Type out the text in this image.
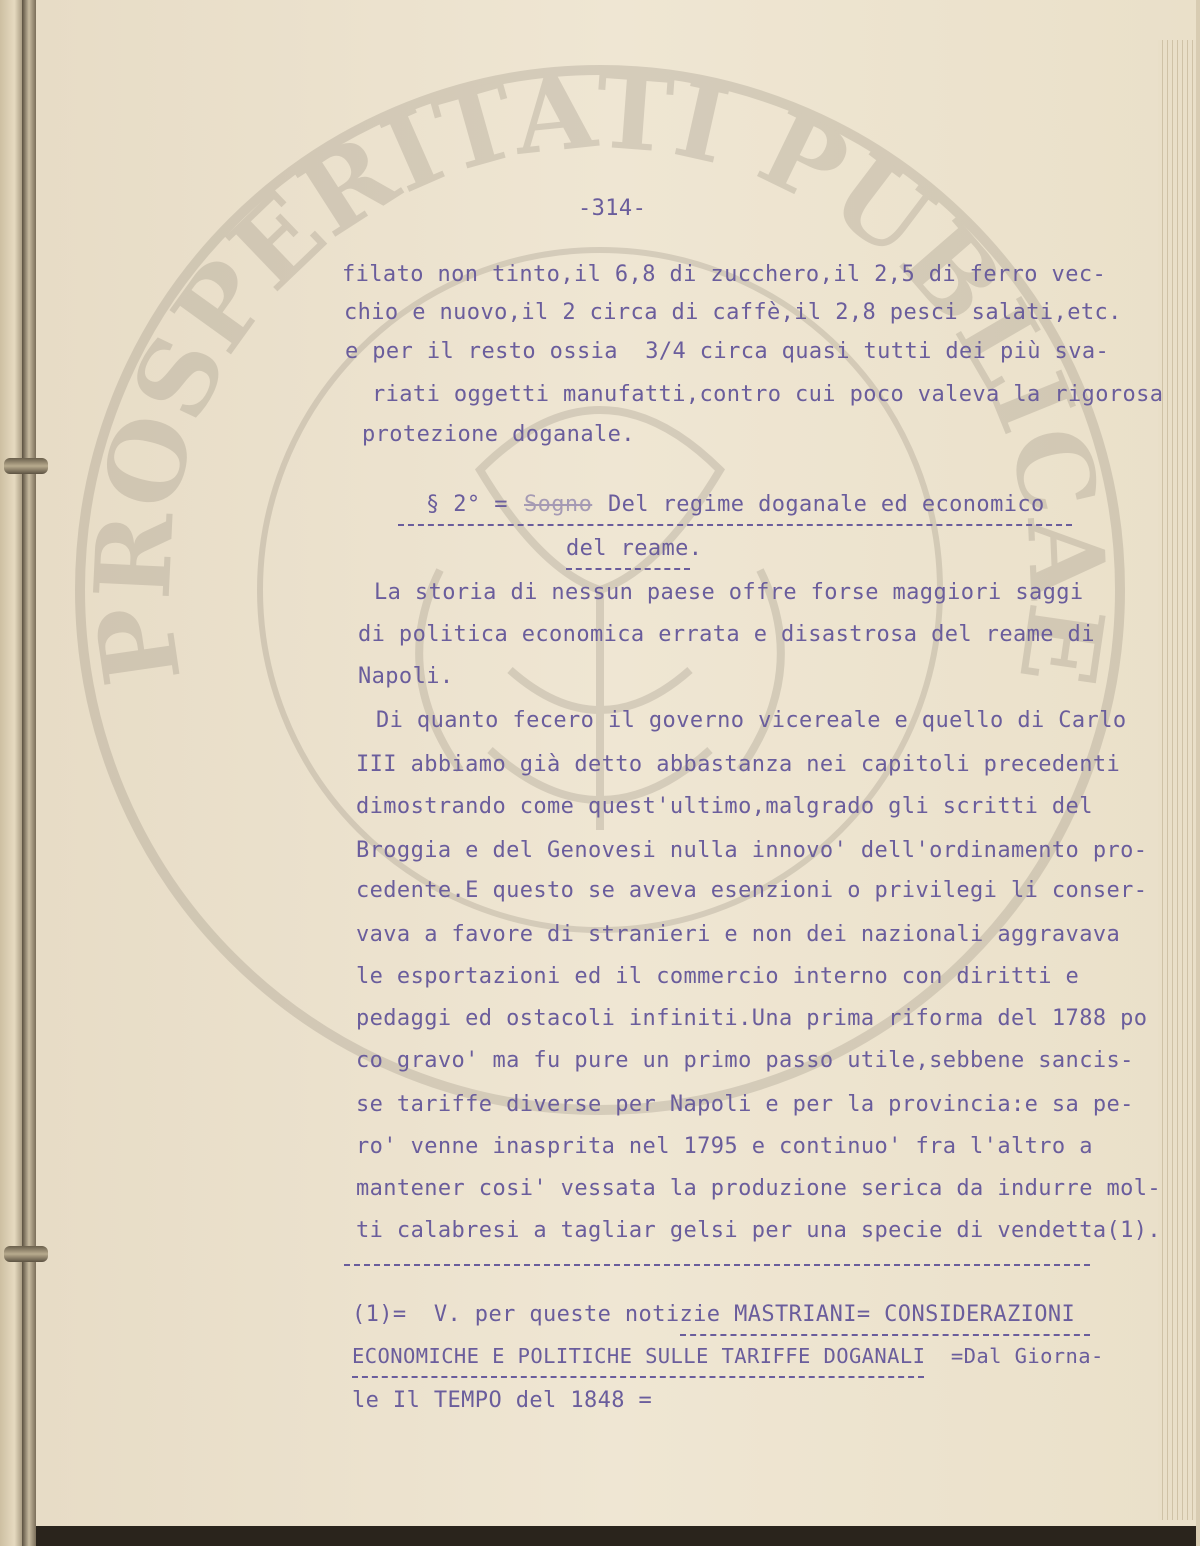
PROSPERITATI PUBLICAE
-314-
filato non tinto,il 6,8 di zucchero,il 2,5 di ferro vec-
chio e nuovo,il 2 circa di caffè,il 2,8 pesci salati,etc.
e per il resto ossia  3/4 circa quasi tutti dei più sva-
riati oggetti manufatti,contro cui poco valeva la rigorosa
protezione doganale.
§ 2° = Sogno Del regime doganale ed economico
del reame.
La storia di nessun paese offre forse maggiori saggi
di politica economica errata e disastrosa del reame di
Napoli.
Di quanto fecero il governo vicereale e quello di Carlo
III abbiamo già detto abbastanza nei capitoli precedenti
dimostrando come quest'ultimo,malgrado gli scritti del
Broggia e del Genovesi nulla innovo' dell'ordinamento pro-
cedente.E questo se aveva esenzioni o privilegi li conser-
vava a favore di stranieri e non dei nazionali aggravava
le esportazioni ed il commercio interno con diritti e
pedaggi ed ostacoli infiniti.Una prima riforma del 1788 po
co gravo' ma fu pure un primo passo utile,sebbene sancis-
se tariffe diverse per Napoli e per la provincia:e sa pe-
ro' venne inasprita nel 1795 e continuo' fra l'altro a
mantener cosi' vessata la produzione serica da indurre mol-
ti calabresi a tagliar gelsi per una specie di vendetta(1).
(1)=  V. per queste notizie MASTRIANI= CONSIDERAZIONI
ECONOMICHE E POLITICHE SULLE TARIFFE DOGANALI  =Dal Giorna-
le Il TEMPO del 1848 =
